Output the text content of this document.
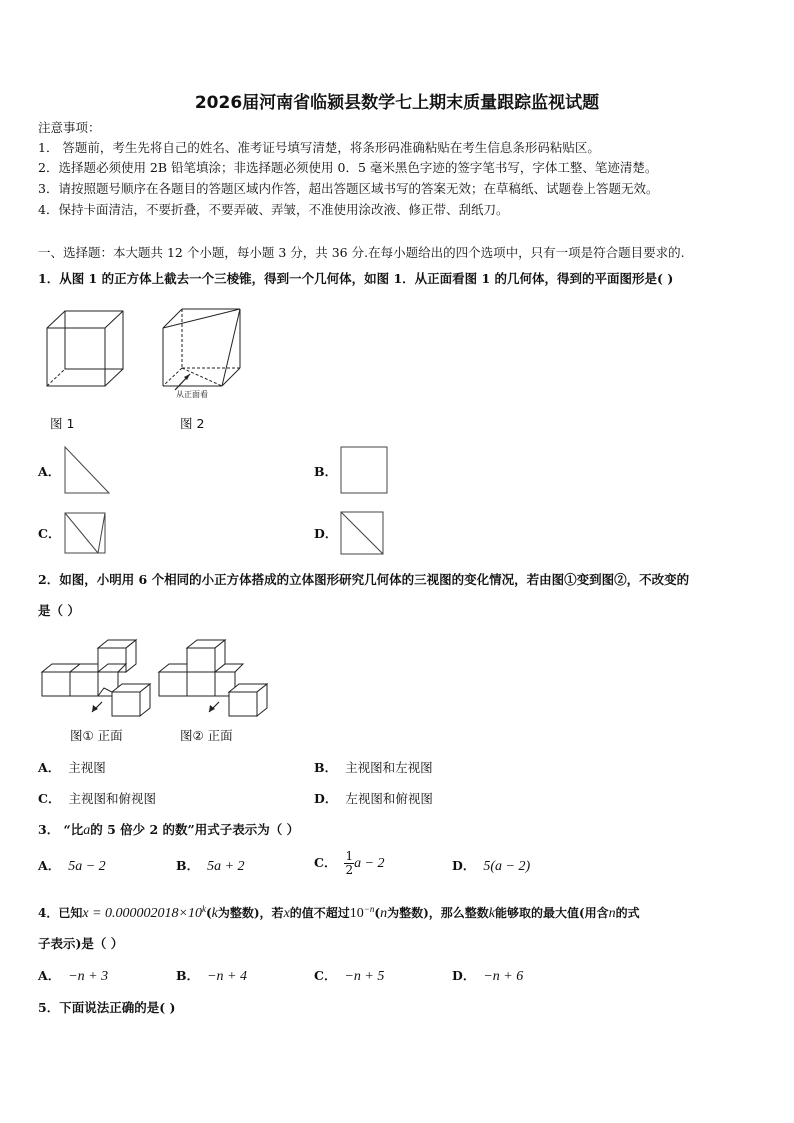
2026届河南省临颍县数学七上期末质量跟踪监视试题
注意事项：
1． 答题前，考生先将自己的姓名、准考证号填写清楚，将条形码准确粘贴在考生信息条形码粘贴区。
2．选择题必须使用 2B 铅笔填涂；非选择题必须使用 0．5 毫米黑色字迹的签字笔书写，字体工整、笔迹清楚。
3．请按照题号顺序在各题目的答题区域内作答，超出答题区域书写的答案无效；在草稿纸、试题卷上答题无效。
4．保持卡面清洁，不要折叠，不要弄破、弄皱，不准使用涂改液、修正带、刮纸刀。
一、选择题：本大题共 12 个小题，每小题 3 分，共 36 分.在每小题给出的四个选项中，只有一项是符合题目要求的.
1．从图 1 的正方体上截去一个三棱锥，得到一个几何体，如图 1．从正面看图 1 的几何体，得到的平面图形是( )
从正面看
图 1	图 2
A．	B．
C．	D．
2．如图，小明用 6 个相同的小正方体搭成的立体图形研究几何体的三视图的变化情况，若由图①变到图②，不改变的
是（ ）
图① 正面	图② 正面
A． 主视图	B． 主视图和左视图
C． 主视图和俯视图	D． 左视图和俯视图
3． “比a的 5 倍少 2 的数”用式子表示为（ ）
A． 5a − 2	B． 5a + 2	C． $\frac{1}{2}$ a − 2	D． 5(a − 2)
4．已知$x = 0.000002018\times 10^k(k$为整数)，若x的值不超过$10^{-n}(n$为整数)，那么整数k能够取的最大值(用含n的式
子表示)是（ ）
A． −n + 3	B． −n + 4	C． −n + 5	D． −n + 6
5．下面说法正确的是( )
